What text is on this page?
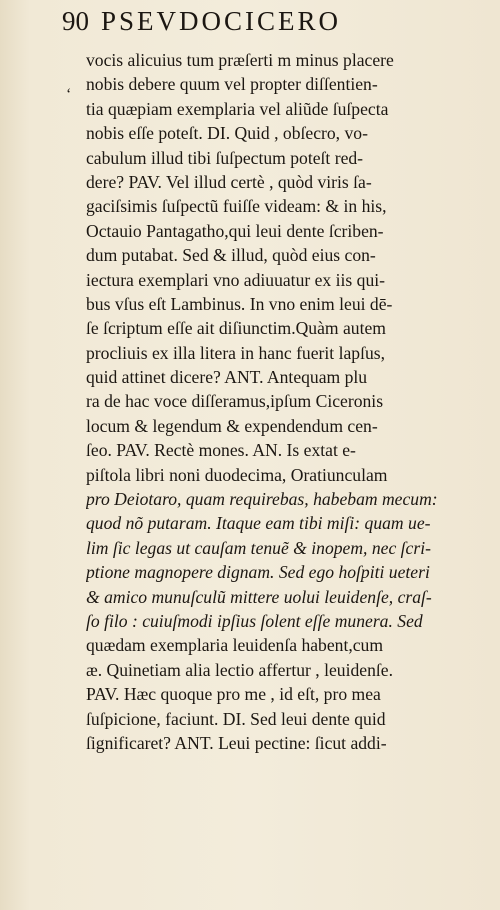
90 PSEVDOCICERO
‘
vocis alicuius tum præſerti m minus placere
nobis debere quum vel propter diſſentien-
tia quæpiam exemplaria vel aliũde ſuſpecta
nobis eſſe poteſt. DI. Quid , obſecro, vo-
cabulum illud tibi ſuſpectum poteſt red-
dere? PAV. Vel illud certè , quòd viris ſa-
gaciſsimis ſuſpectũ fuiſſe videam: & in his,
Octauio Pantagatho,qui leui dente ſcriben-
dum putabat. Sed & illud, quòd eius con-
iectura exemplari vno adiuuatur ex iis qui-
bus vſus eſt Lambinus. In vno enim leui dē-
ſe ſcriptum eſſe ait diſiunctim.Quàm autem
procliuis ex illa litera in hanc fuerit lapſus,
quid attinet dicere? ANT. Antequam plu
ra de hac voce diſſeramus,ipſum Ciceronis
locum & legendum & expendendum cen-
ſeo. PAV. Rectè mones. AN. Is extat e-
piſtola libri noni duodecima, Oratiunculam
pro Deiotaro, quam requirebas, habebam mecum:
quod nõ putaram. Itaque eam tibi miſi: quam ue-
lim ſic legas ut cauſam tenuẽ & inopem, nec ſcri-
ptione magnopere dignam. Sed ego hoſpiti ueteri
& amico munuſculũ mittere uolui leuidenſe, craſ-
ſo filo : cuiuſmodi ipſius ſolent eſſe munera. Sed
quædam exemplaria leuidenſa habent,cum
æ. Quinetiam alia lectio affertur , leuidenſe.
PAV. Hæc quoque pro me , id eſt, pro mea
ſuſpicione, faciunt. DI. Sed leui dente quid
ſignificaret? ANT. Leui pectine: ſicut addi-
